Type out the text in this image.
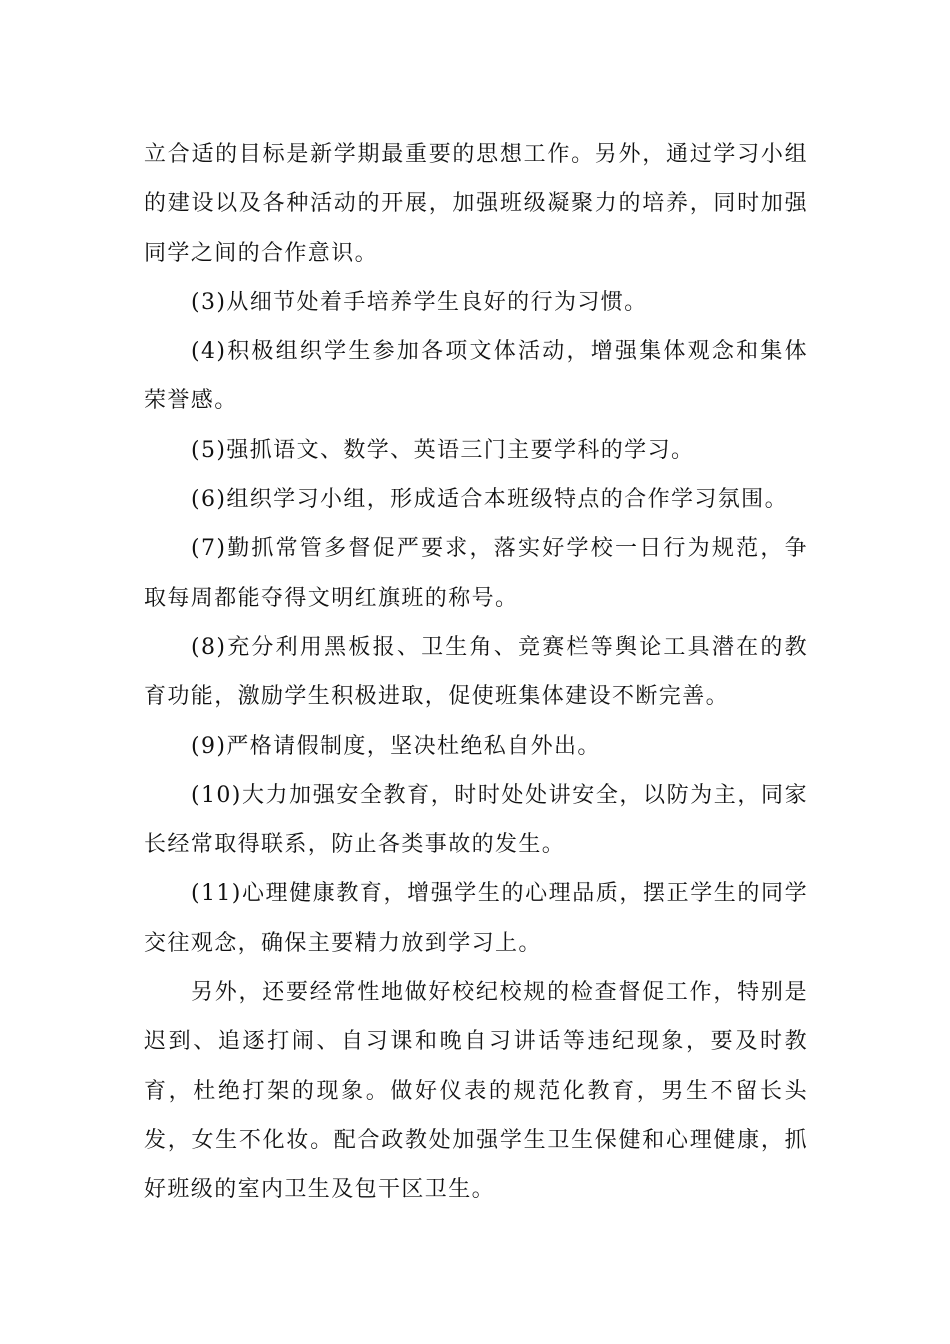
立合适的目标是新学期最重要的思想工作。另外，通过学习小组的建设以及各种活动的开展，加强班级凝聚力的培养，同时加强同学之间的合作意识。

(3)从细节处着手培养学生良好的行为习惯。

(4)积极组织学生参加各项文体活动，增强集体观念和集体荣誉感。

(5)强抓语文、数学、英语三门主要学科的学习。

(6)组织学习小组，形成适合本班级特点的合作学习氛围。

(7)勤抓常管多督促严要求，落实好学校一日行为规范，争取每周都能夺得文明红旗班的称号。

(8)充分利用黑板报、卫生角、竞赛栏等舆论工具潜在的教育功能，激励学生积极进取，促使班集体建设不断完善。

(9)严格请假制度，坚决杜绝私自外出。

(10)大力加强安全教育，时时处处讲安全，以防为主，同家长经常取得联系，防止各类事故的发生。

(11)心理健康教育，增强学生的心理品质，摆正学生的同学交往观念，确保主要精力放到学习上。

另外，还要经常性地做好校纪校规的检查督促工作，特别是迟到、追逐打闹、自习课和晚自习讲话等违纪现象，要及时教育，杜绝打架的现象。做好仪表的规范化教育，男生不留长头发，女生不化妆。配合政教处加强学生卫生保健和心理健康，抓好班级的室内卫生及包干区卫生。
